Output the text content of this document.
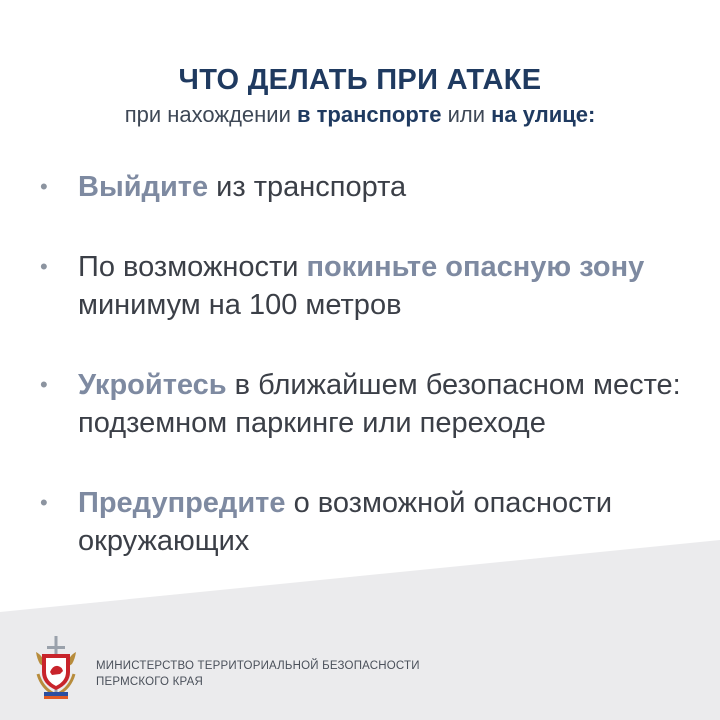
ЧТО ДЕЛАТЬ ПРИ АТАКЕ
при нахождении в транспорте или на улице:
• Выйдите из транспорта
• По возможности покиньте опасную зону минимум на 100 метров
• Укройтесь в ближайшем безопасном месте: подземном паркинге или переходе
• Предупредите о возможной опасности окружающих
МИНИСТЕРСТВО ТЕРРИТОРИАЛЬНОЙ БЕЗОПАСНОСТИ
ПЕРМСКОГО КРАЯ
